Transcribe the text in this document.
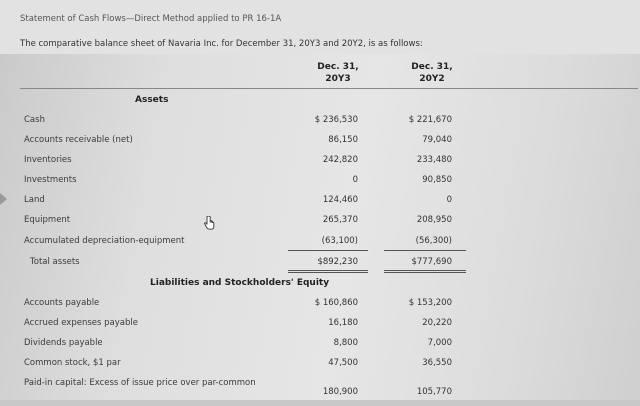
Statement of Cash Flows—Direct Method applied to PR 16-1A
The comparative balance sheet of Navaria Inc. for December 31, 20Y3 and 20Y2, is as follows:
Dec. 31,
20Y3
Dec. 31,
20Y2
Assets
Cash	$ 236,530	$ 221,670
Accounts receivable (net)	86,150	79,040
Inventories	242,820	233,480
Investments	0	90,850
Land	124,460	0
Equipment	265,370	208,950
Accumulated depreciation-equipment	(63,100)	(56,300)
Total assets	$892,230	$777,690
Liabilities and Stockholders' Equity
Accounts payable	$ 160,860	$ 153,200
Accrued expenses payable	16,180	20,220
Dividends payable	8,800	7,000
Common stock, $1 par	47,500	36,550
Paid-in capital: Excess of issue price over par-common
180,900	105,770
